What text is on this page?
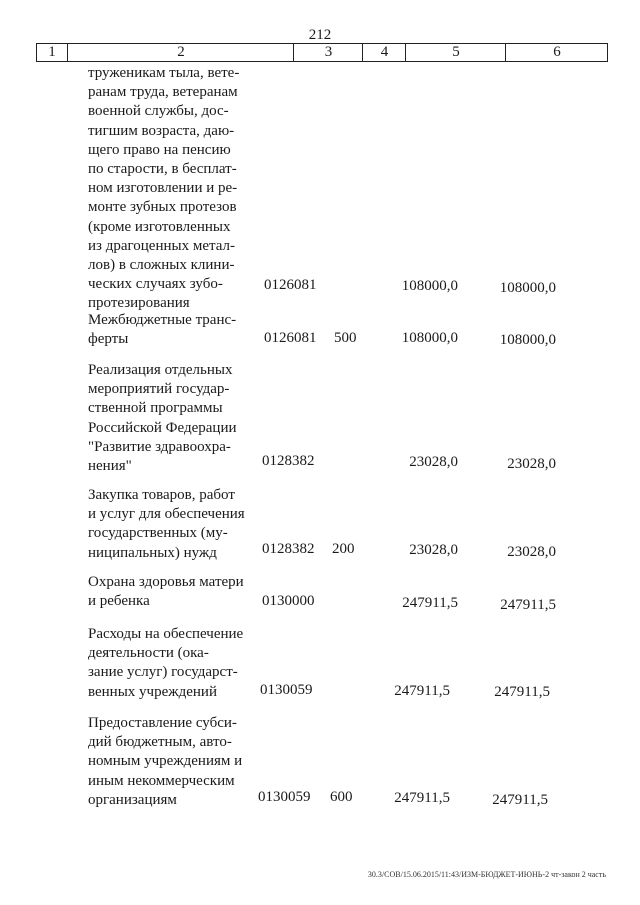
212
1	2	3	4	5	6
труженикам тыла, вете-
ранам труда, ветеранам
военной службы, дос-
тигшим возраста, даю-
щего право на пенсию
по старости, в бесплат-
ном изготовлении и ре-
монте зубных протезов
(кроме изготовленных
из драгоценных метал-
лов) в сложных клини-
ческих случаях зубо-
протезирования
0126081	108000,0	108000,0
Межбюджетные транс-
ферты	0126081 500	108000,0	108000,0
Реализация отдельных
мероприятий государ-
ственной программы
Российской Федерации
"Развитие здравоохра-
нения"	0128382	23028,0	23028,0
Закупка товаров, работ
и услуг для обеспечения
государственных (му-
ниципальных) нужд	0128382 200	23028,0	23028,0
Охрана здоровья матери
и ребенка	0130000	247911,5	247911,5
Расходы на обеспечение
деятельности (ока-
зание услуг) государст-
венных учреждений	0130059	247911,5	247911,5
Предоставление субси-
дий бюджетным, авто-
номным учреждениям и
иным некоммерческим
организациям	0130059 600	247911,5	247911,5
30.3/СОВ/15.06.2015/11:43/ИЗМ-БЮДЖЕТ-ИЮНЬ-2 чт-закон 2 часть
